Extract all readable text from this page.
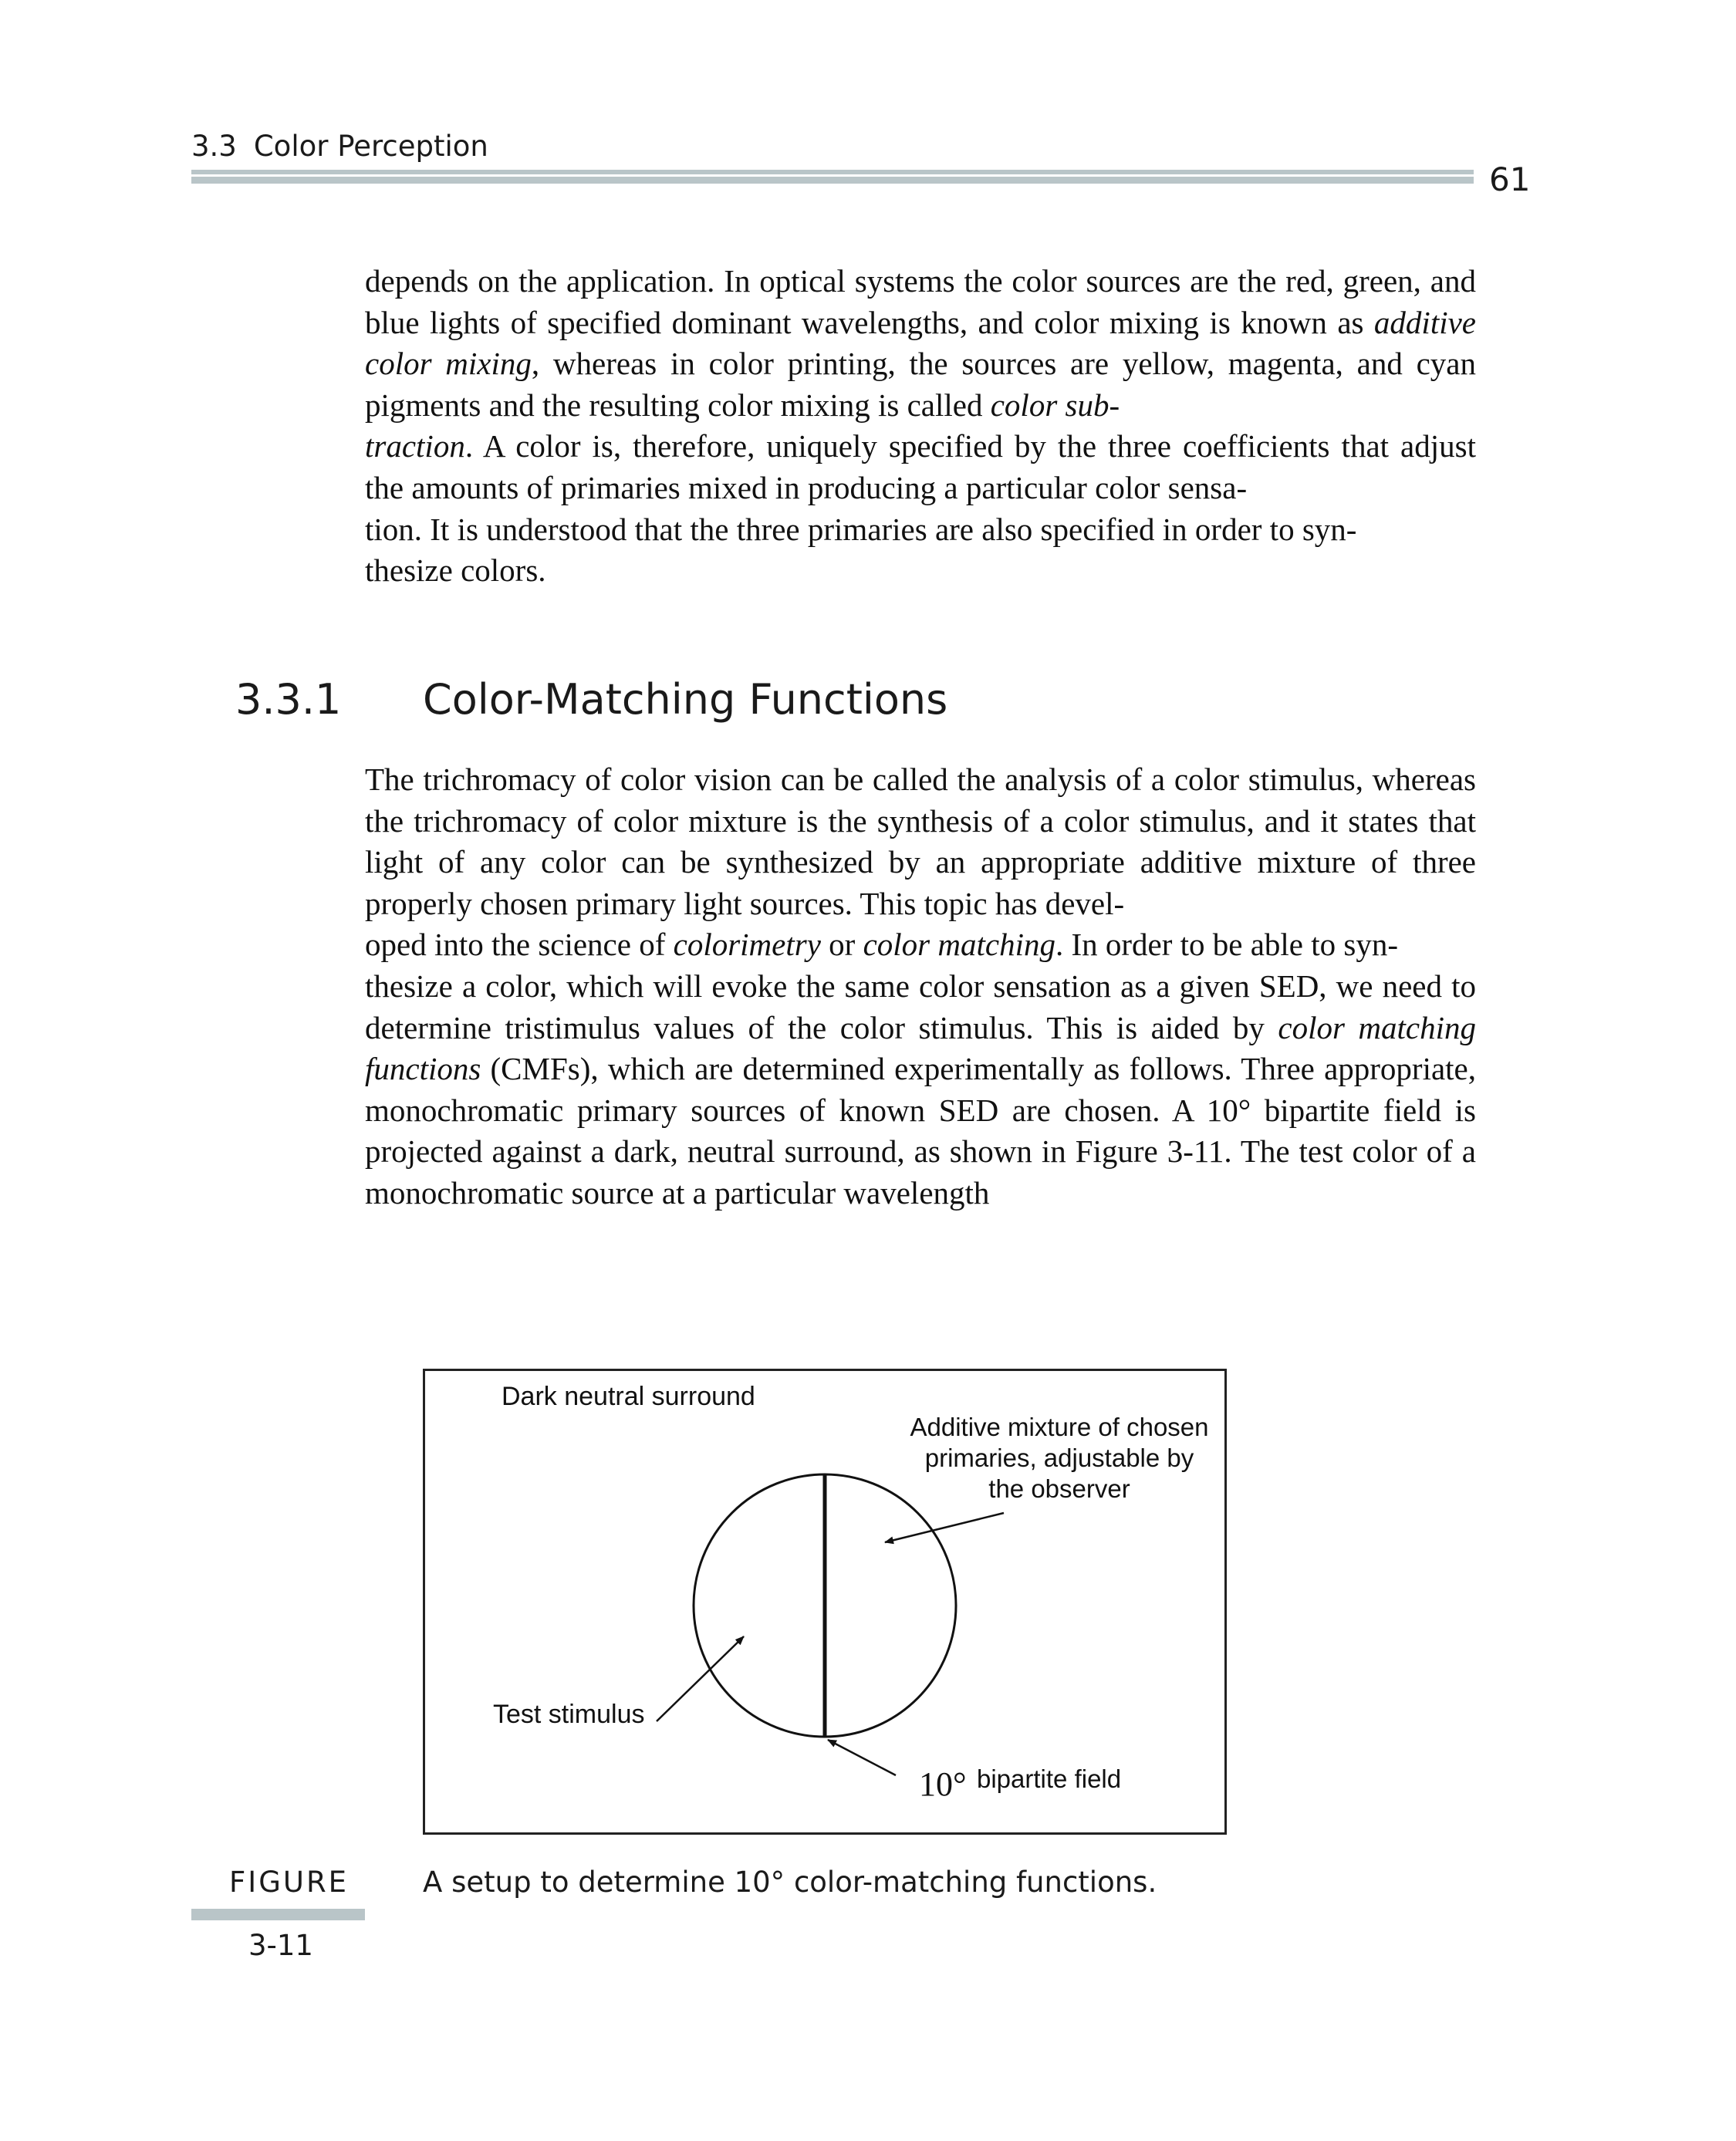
3.3 Color Perception
61

depends on the application. In optical systems the color sources are the red, green, and blue lights of specified dominant wavelengths, and color mixing is known as additive color mixing, whereas in color printing, the sources are yellow, magenta, and cyan pigments and the resulting color mixing is called color sub-
traction. A color is, therefore, uniquely specified by the three coefficients that adjust the amounts of primaries mixed in producing a particular color sensa-
tion. It is understood that the three primaries are also specified in order to syn-
thesize colors.

3.3.1 Color-Matching Functions

The trichromacy of color vision can be called the analysis of a color stimulus, whereas the trichromacy of color mixture is the synthesis of a color stimulus, and it states that light of any color can be synthesized by an appropriate additive mixture of three properly chosen primary light sources. This topic has devel-
oped into the science of colorimetry or color matching. In order to be able to syn-
thesize a color, which will evoke the same color sensation as a given SED, we need to determine tristimulus values of the color stimulus. This is aided by color matching functions (CMFs), which are determined experimentally as follows. Three appropriate, monochromatic primary sources of known SED are chosen. A 10° bipartite field is projected against a dark, neutral surround, as shown in Figure 3-11. The test color of a monochromatic source at a particular wavelength

Dark neutral surround
Additive mixture of chosen
primaries, adjustable by
the observer
Test stimulus
10° bipartite field
FIGURE
3-11
A setup to determine 10° color-matching functions.
